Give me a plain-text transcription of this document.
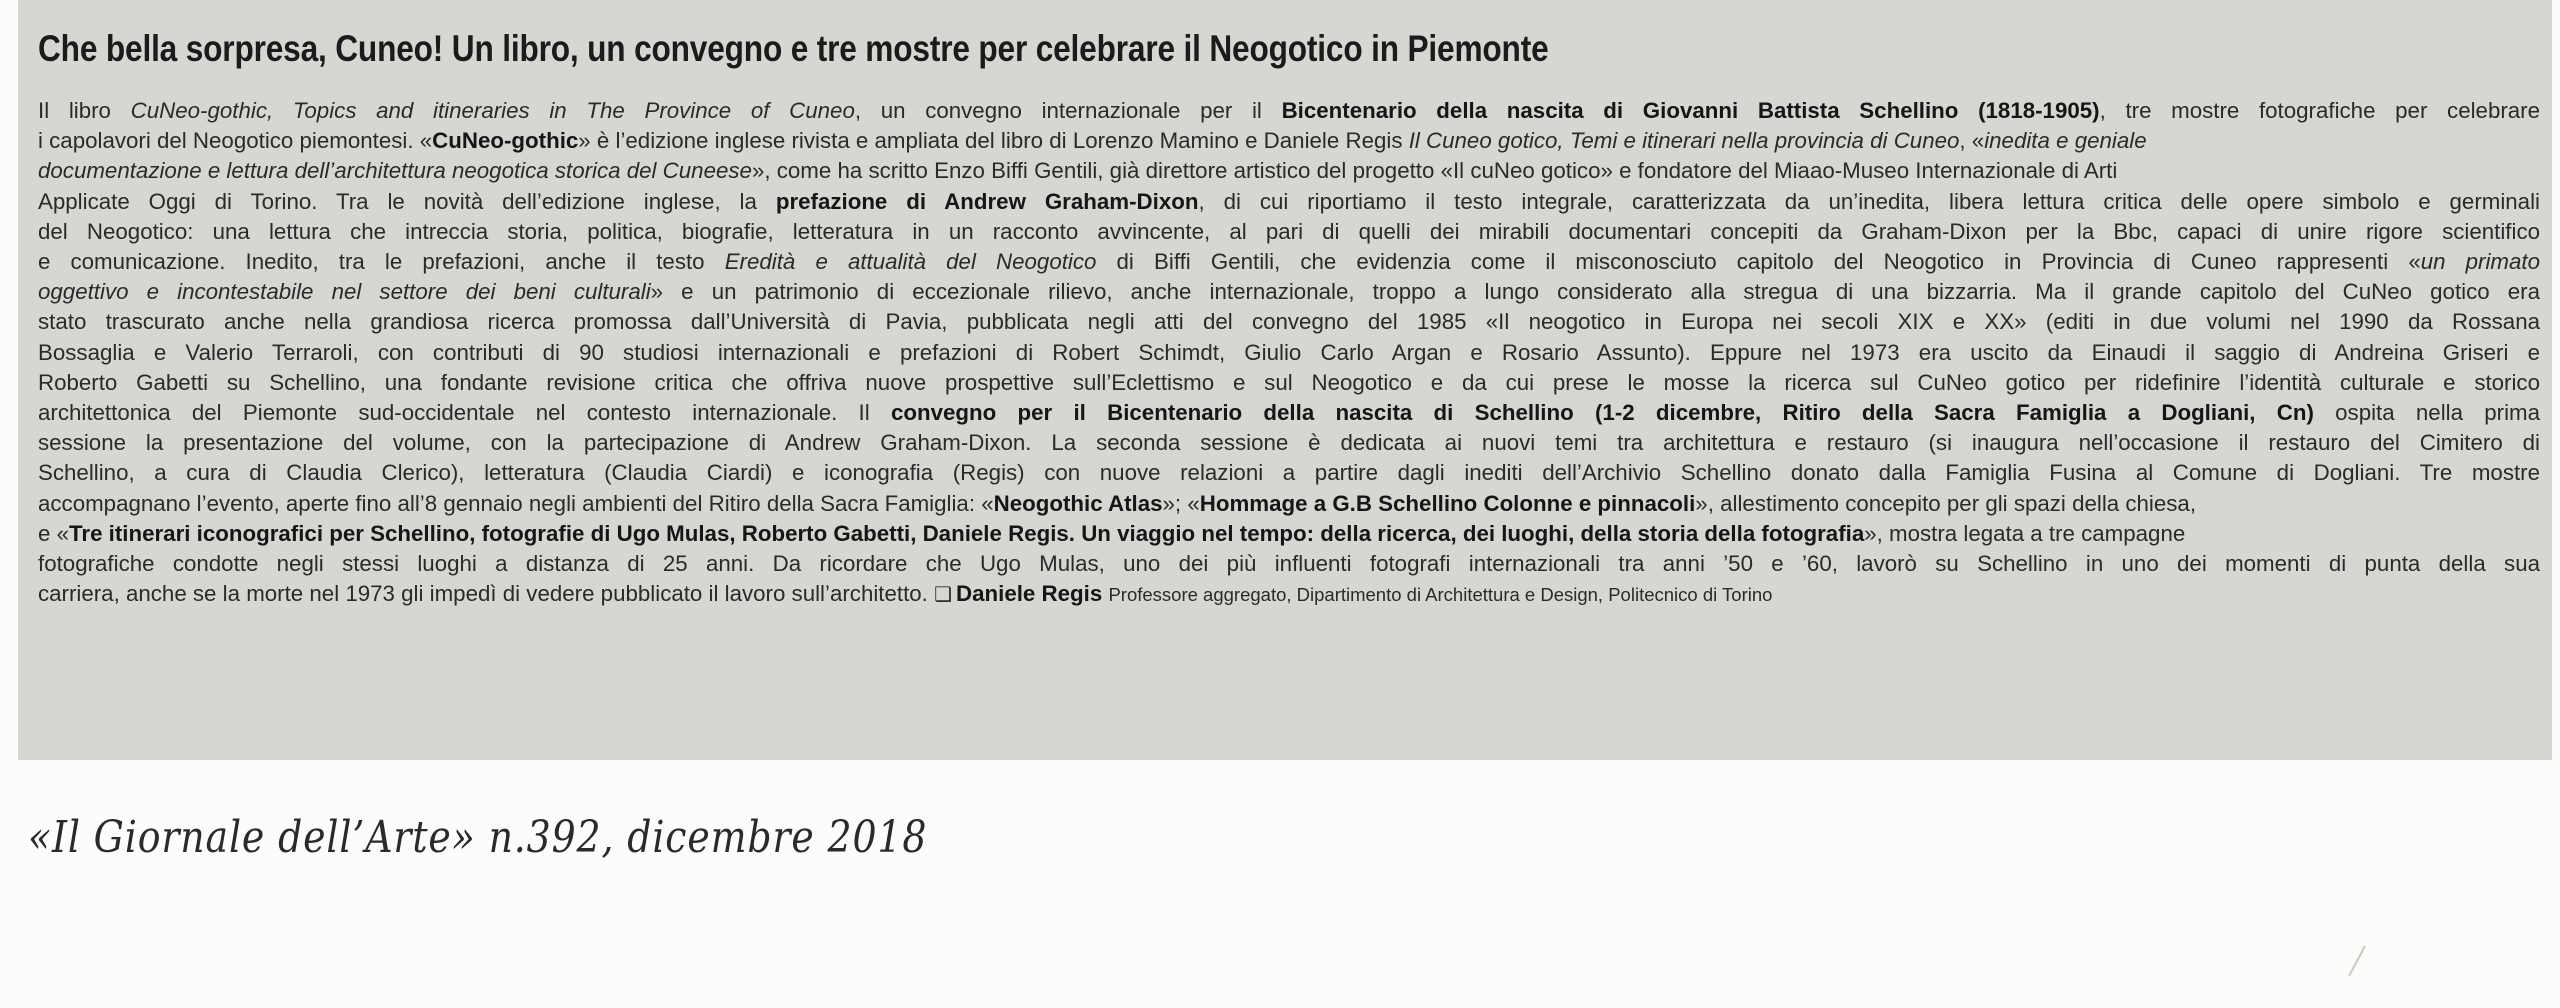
Che bella sorpresa, Cuneo! Un libro, un convegno e tre mostre per celebrare il Neogotico in Piemonte
Il libro CuNeo-gothic, Topics and itineraries in The Province of Cuneo, un convegno internazionale per il Bicentenario della nascita di Giovanni Battista Schellino (1818-1905), tre mostre fotografiche per celebrare
i capolavori del Neogotico piemontesi. «CuNeo-gothic» è l’edizione inglese rivista e ampliata del libro di Lorenzo Mamino e Daniele Regis Il Cuneo gotico, Temi e itinerari nella provincia di Cuneo, «inedita e geniale
documentazione e lettura dell’architettura neogotica storica del Cuneese», come ha scritto Enzo Biffi Gentili, già direttore artistico del progetto «Il cuNeo gotico» e fondatore del Miaao-Museo Internazionale di Arti
Applicate Oggi di Torino. Tra le novità dell’edizione inglese, la prefazione di Andrew Graham-Dixon, di cui riportiamo il testo integrale, caratterizzata da un’inedita, libera lettura critica delle opere simbolo e germinali
del Neogotico: una lettura che intreccia storia, politica, biografie, letteratura in un racconto avvincente, al pari di quelli dei mirabili documentari concepiti da Graham-Dixon per la Bbc, capaci di unire rigore scientifico
e comunicazione. Inedito, tra le prefazioni, anche il testo Eredità e attualità del Neogotico di Biffi Gentili, che evidenzia come il misconosciuto capitolo del Neogotico in Provincia di Cuneo rappresenti «un primato
oggettivo e incontestabile nel settore dei beni culturali» e un patrimonio di eccezionale rilievo, anche internazionale, troppo a lungo considerato alla stregua di una bizzarria. Ma il grande capitolo del CuNeo gotico era
stato trascurato anche nella grandiosa ricerca promossa dall’Università di Pavia, pubblicata negli atti del convegno del 1985 «Il neogotico in Europa nei secoli XIX e XX» (editi in due volumi nel 1990 da Rossana
Bossaglia e Valerio Terraroli, con contributi di 90 studiosi internazionali e prefazioni di Robert Schimdt, Giulio Carlo Argan e Rosario Assunto). Eppure nel 1973 era uscito da Einaudi il saggio di Andreina Griseri e
Roberto Gabetti su Schellino, una fondante revisione critica che offriva nuove prospettive sull’Eclettismo e sul Neogotico e da cui prese le mosse la ricerca sul CuNeo gotico per ridefinire l’identità culturale e storico
architettonica del Piemonte sud-occidentale nel contesto internazionale. Il convegno per il Bicentenario della nascita di Schellino (1-2 dicembre, Ritiro della Sacra Famiglia a Dogliani, Cn) ospita nella prima
sessione la presentazione del volume, con la partecipazione di Andrew Graham-Dixon. La seconda sessione è dedicata ai nuovi temi tra architettura e restauro (si inaugura nell’occasione il restauro del Cimitero di
Schellino, a cura di Claudia Clerico), letteratura (Claudia Ciardi) e iconografia (Regis) con nuove relazioni a partire dagli inediti dell’Archivio Schellino donato dalla Famiglia Fusina al Comune di Dogliani. Tre mostre
accompagnano l’evento, aperte fino all’8 gennaio negli ambienti del Ritiro della Sacra Famiglia: «Neogothic Atlas»; «Hommage a G.B Schellino Colonne e pinnacoli», allestimento concepito per gli spazi della chiesa,
e «Tre itinerari iconografici per Schellino, fotografie di Ugo Mulas, Roberto Gabetti, Daniele Regis. Un viaggio nel tempo: della ricerca, dei luoghi, della storia della fotografia», mostra legata a tre campagne
fotografiche condotte negli stessi luoghi a distanza di 25 anni. Da ricordare che Ugo Mulas, uno dei più influenti fotografi internazionali tra anni ’50 e ’60, lavorò su Schellino in uno dei momenti di punta della sua
carriera, anche se la morte nel 1973 gli impedì di vedere pubblicato il lavoro sull’architetto. ❏ Daniele Regis Professore aggregato, Dipartimento di Architettura e Design, Politecnico di Torino
«Il Giornale dell’Arte» n.392, dicembre 2018
